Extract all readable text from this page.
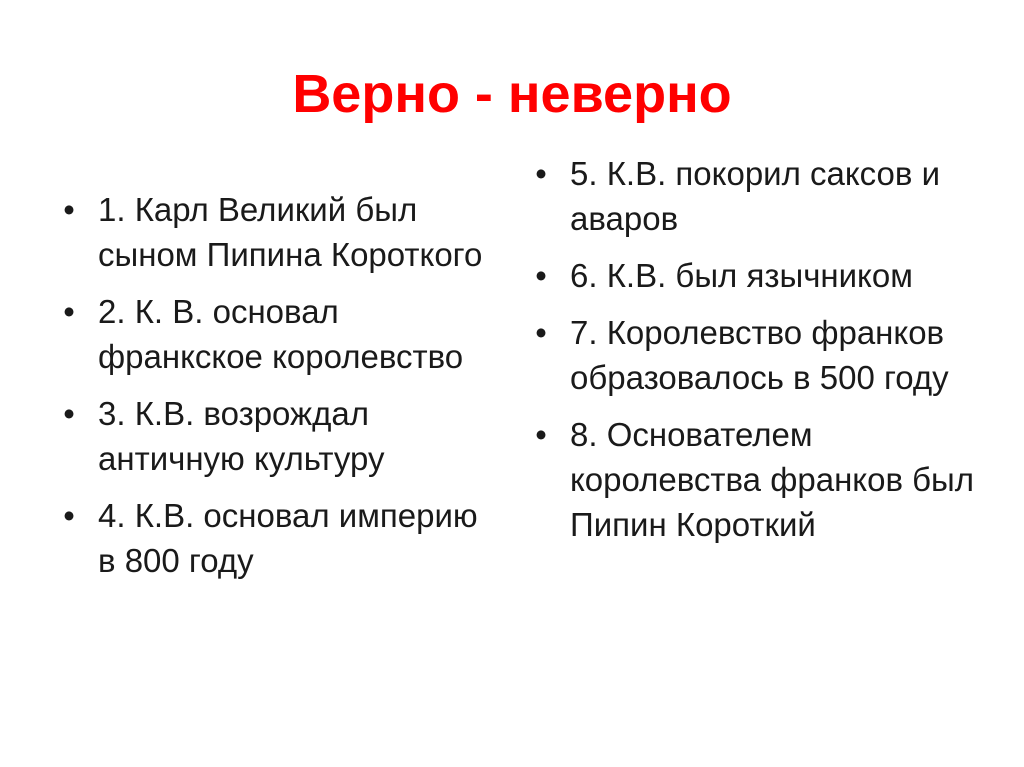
Верно - неверно
• 1. Карл Великий был сыном Пипина Короткого
• 2. К. В. основал франкское королевство
• 3. К.В. возрождал античную культуру
• 4. К.В. основал империю в 800 году
• 5. К.В. покорил саксов и аваров
• 6. К.В. был язычником
• 7. Королевство франков образовалось в 500 году
• 8. Основателем королевства франков был Пипин Короткий
